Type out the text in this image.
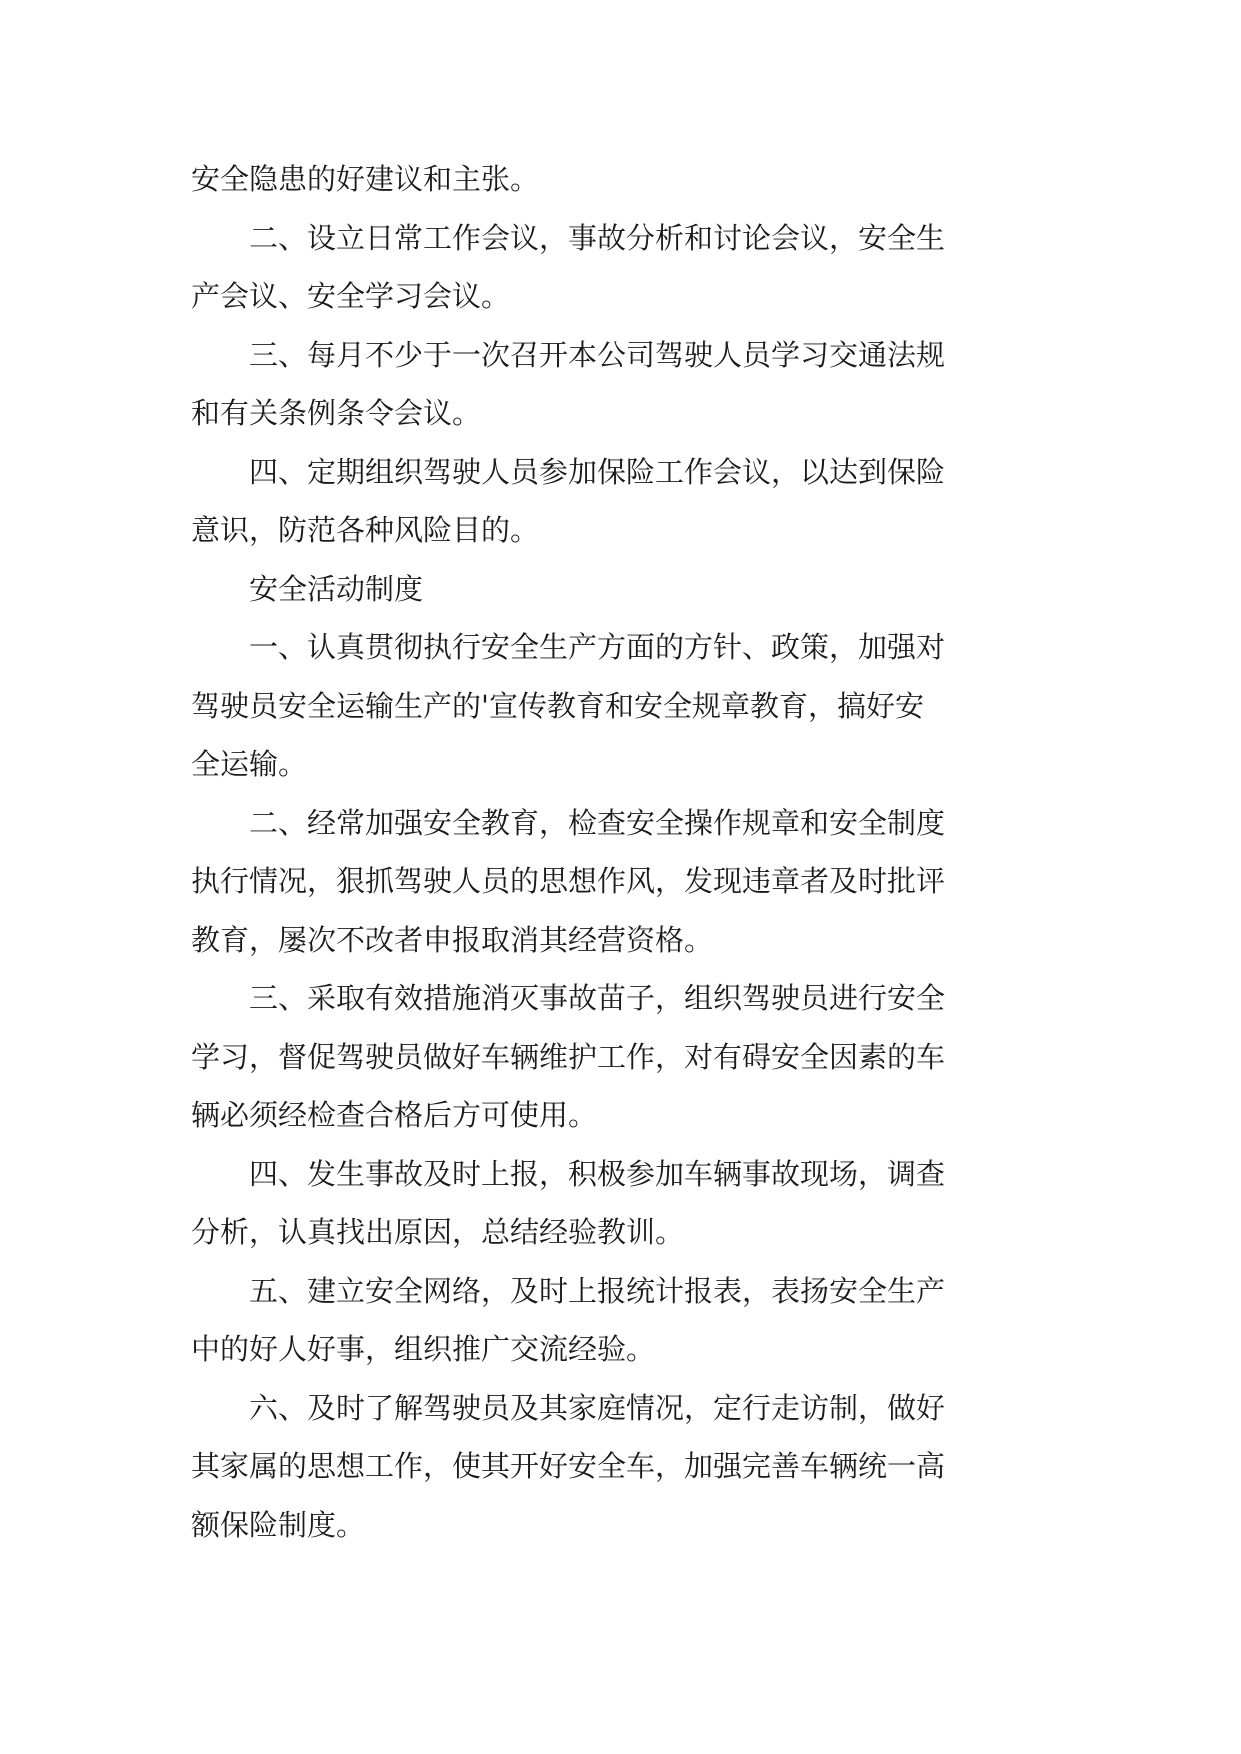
安全隐患的好建议和主张。
二、设立日常工作会议，事故分析和讨论会议，安全生
产会议、安全学习会议。
三、每月不少于一次召开本公司驾驶人员学习交通法规
和有关条例条令会议。
四、定期组织驾驶人员参加保险工作会议，以达到保险
意识，防范各种风险目的。
安全活动制度
一、认真贯彻执行安全生产方面的方针、政策，加强对
驾驶员安全运输生产的'宣传教育和安全规章教育，搞好安
全运输。
二、经常加强安全教育，检查安全操作规章和安全制度
执行情况，狠抓驾驶人员的思想作风，发现违章者及时批评
教育，屡次不改者申报取消其经营资格。
三、采取有效措施消灭事故苗子，组织驾驶员进行安全
学习，督促驾驶员做好车辆维护工作，对有碍安全因素的车
辆必须经检查合格后方可使用。
四、发生事故及时上报，积极参加车辆事故现场，调查
分析，认真找出原因，总结经验教训。
五、建立安全网络，及时上报统计报表，表扬安全生产
中的好人好事，组织推广交流经验。
六、及时了解驾驶员及其家庭情况，定行走访制，做好
其家属的思想工作，使其开好安全车，加强完善车辆统一高
额保险制度。
